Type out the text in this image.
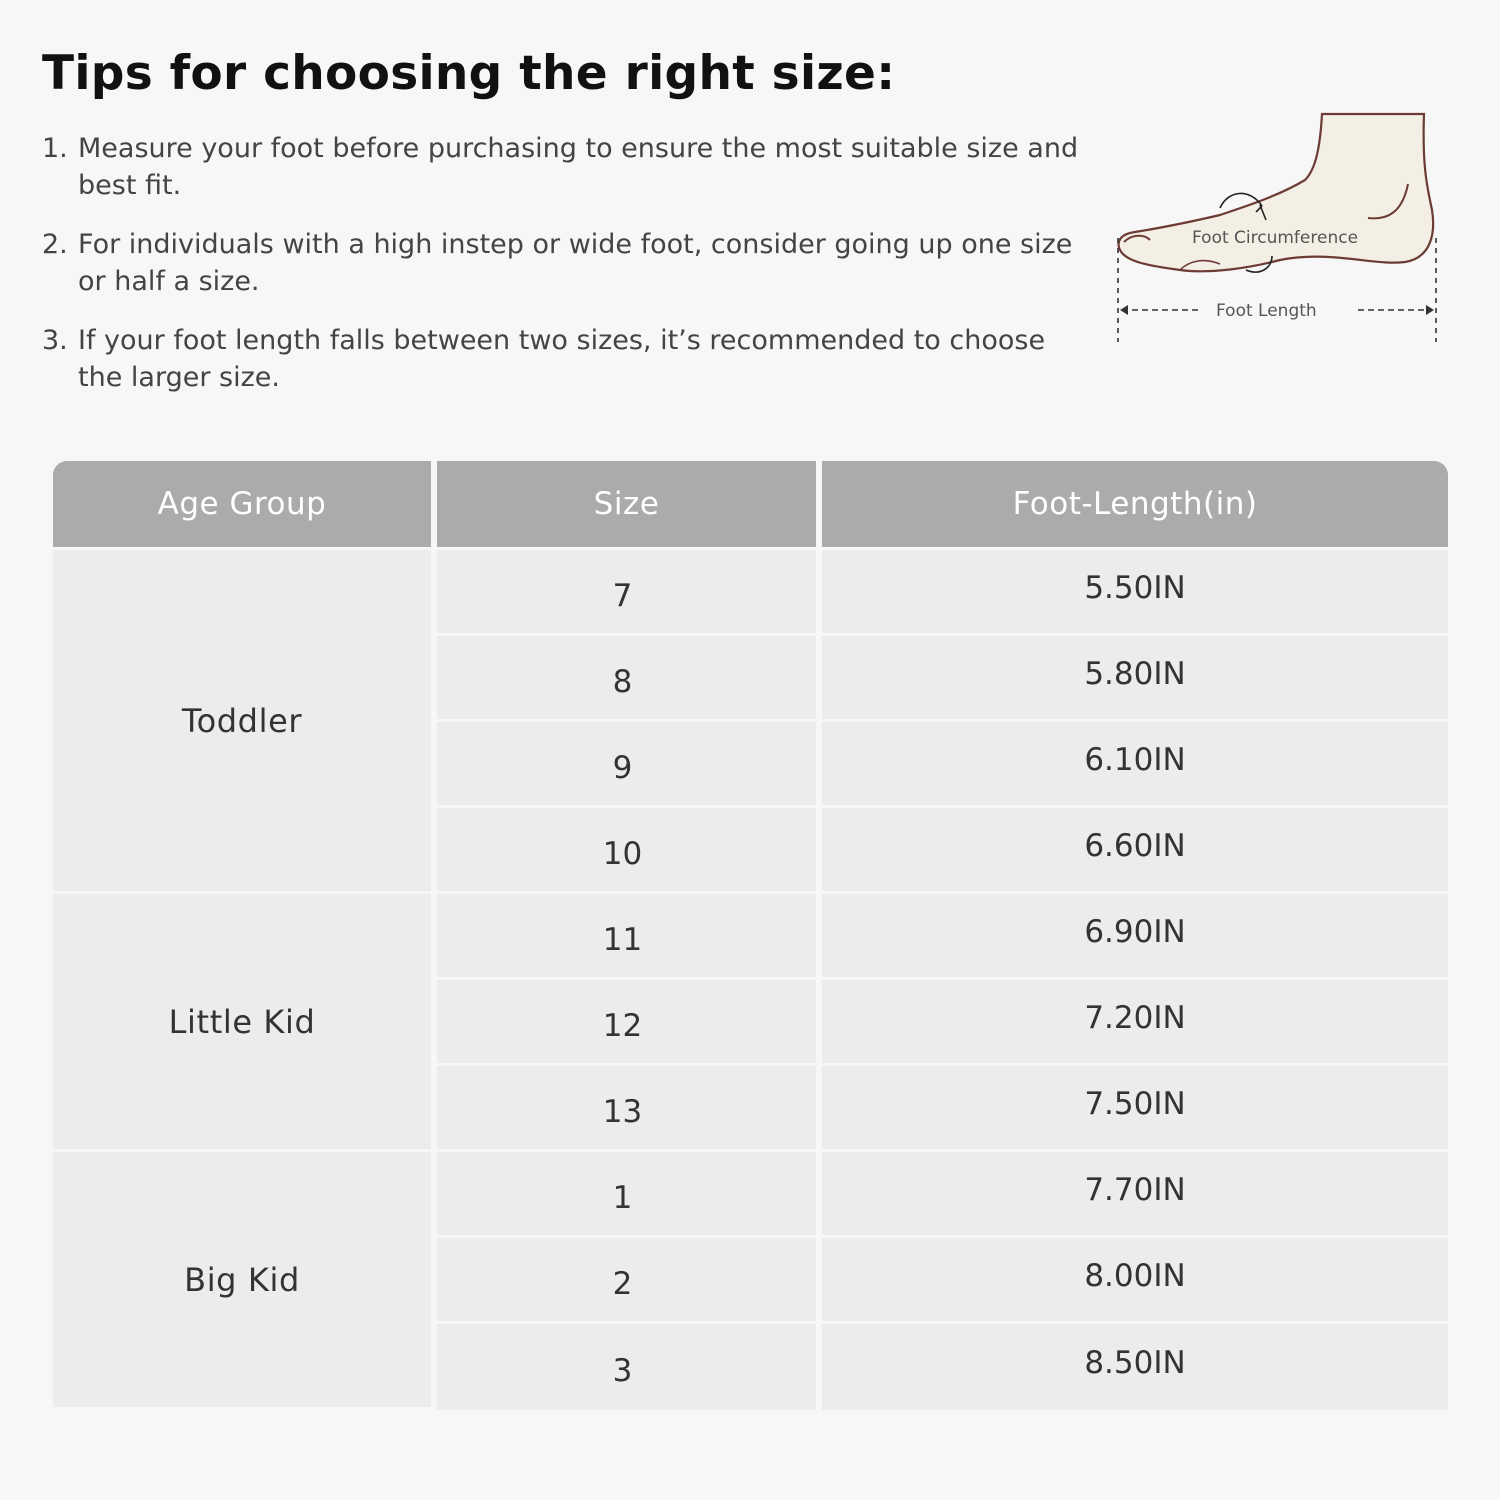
Tips for choosing the right size:
1. Measure your foot before purchasing to ensure the most suitable size and best fit.
2. For individuals with a high instep or wide foot, consider going up one size or half a size.
3. If your foot length falls between two sizes, it’s recommended to choose the larger size.
Foot Circumference
Foot Length
Age Group	Size	Foot-Length(in)
Toddler	7	5.50IN
	8	5.80IN
	9	6.10IN
	10	6.60IN
Little Kid	11	6.90IN
	12	7.20IN
	13	7.50IN
Big Kid	1	7.70IN
	2	8.00IN
	3	8.50IN
